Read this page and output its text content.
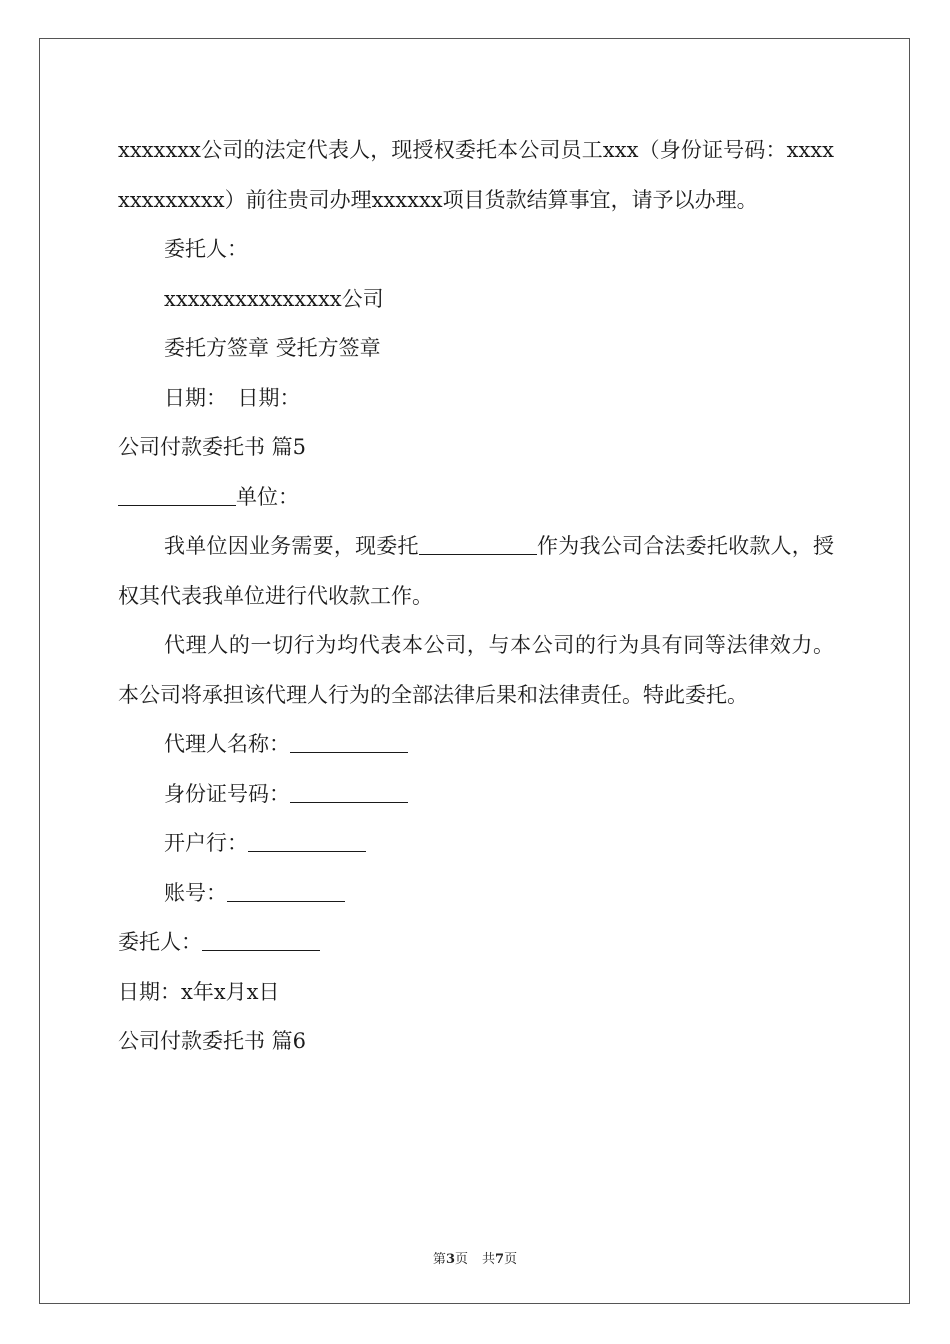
xxxxxxx公司的法定代表人，现授权委托本公司员工xxx（身份证号码：xxxxxxxxxxxxx）前往贵司办理xxxxxx项目货款结算事宜，请予以办理。

委托人：

xxxxxxxxxxxxxxx公司

委托方签章 受托方签章

日期：　日期：

公司付款委托书 篇5

单位：

我单位因业务需要，现委托	作为我公司合法委托收款人，授权其代表我单位进行代收款工作。

代理人的一切行为均代表本公司，与本公司的行为具有同等法律效力。本公司将承担该代理人行为的全部法律后果和法律责任。特此委托。

代理人名称：

身份证号码：

开户行：

账号：

委托人：

日期：x年x月x日

公司付款委托书 篇6

第3页 共7页
